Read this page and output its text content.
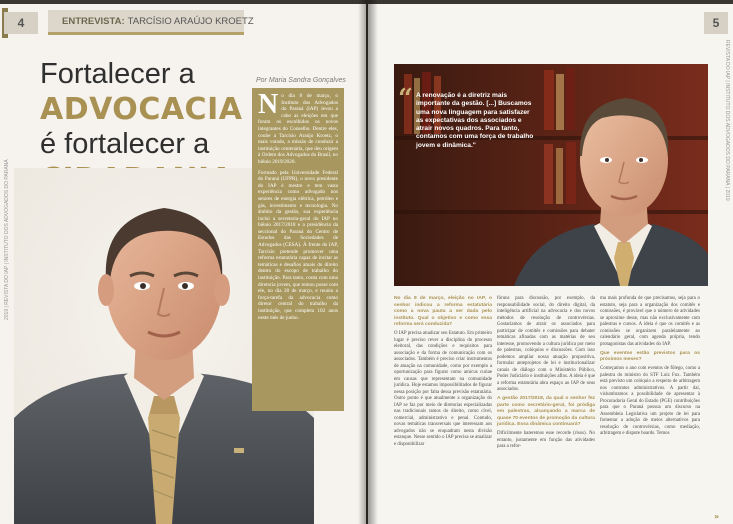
4	ENTREVISTA: TARCÍSIO ARAÚJO KROETZ
2019 | REVISTA DO IAP | INSTITUTO DOS ADVOGADOS DO PARANÁ
Fortalecer a
ADVOCACIA
é fortalecer a
Por Maria Sandra Gonçalves

No dia 8 de março, o Instituto dos Advogados do Paraná (IAP) levou a cabo as eleições em que foram os escolhidos os novos integrantes do Conselho. Dentre eles, coube a Tarcísio Araújo Kroetz, o mais votado, a missão de conduzir a instituição centenária, que deu origem à Ordem dos Advogados do Brasil, no biênio 2019/2020.

Formado pela Universidade Federal do Paraná (UFPR), o novo presidente do IAP é mestre e tem vasta experiência como advogado nos setores de energia elétrica, petróleo e gás, investimento e tecnologia. No âmbito da gestão, sua experiência inclui a secretaria-geral do IAP no biênio 2017/2018 e a presidência da seccional do Paraná do Centro de Estudos das Sociedades de Advogados (CESA). À frente do IAP, Tarcísio pretende promover uma reforma estatutária capaz de incitar as temáticas e desafios atuais do direito dentro do escopo de trabalho do instituição. Para tanto, conta com uma diretoria jovem, que tomou posse com ele, no dia 28 de março, e reuniu a força-tarefa da advocacia como diretor central do trabalho da instituição, que completa 102 anos neste mês de junho.

5
REVISTA DO IAP | INSTITUTO DOS ADVOGADOS DO PARANÁ | 2019
“ A renovação é a diretriz mais importante da gestão. [...] Buscamos uma nova linguagem para satisfazer as expectativas dos associados e atrair novos quadros. Para tanto, contamos com uma força de trabalho jovem e dinâmica."

No dia 8 de março, eleição no IAP, o senhor indicou a reforma estatutária como a nova pauta a ser dada pelo instituto. Qual o objetivo e como essa reforma será conduzida?

O IAP precisa atualizar seu Estatuto. Em primeiro lugar é preciso rever a disciplina do processo eleitoral, das condições e requisitos para associação e da forma de comunicação com os associados. Também é preciso criar instrumentos de atuação na comunidade, como por exemplo a oportunização para figurar como amicus curiae em causas que representam na comunidade jurídica. Hoje estamos impossibilitados de figurar nessa posição por falta dessa previsão estatutária. Outro ponto é que atualmente a organização do IAP se faz por meio de diretorias especializadas nas tradicionais ramos do direito, como cível, comercial, administrativo e penal. Contudo, novas temáticas transversais que interessam aos advogados não se enquadram nesta divisão estanque. Nesse sentido o IAP precisa se atualizar e disponibilizar

fóruns para discussão, por exemplo, da responsabilidade social, do direito digital, da inteligência artificial na advocacia e dos novos métodos de resolução de controvérsias. Gostaríamos de atrair os associados para participar de comitês e comissões para debater temáticas afinadas com as matérias de seu interesse, promovendo a cultura jurídica por meio de palestras, colóquios e discussões. Com isso podemos ampliar nossa atuação propositiva, formular anteprojetos de lei e institucionalizar canais de diálogo com o Ministério Público, Poder Judiciário e instituições afins. A ideia é que a reforma estatutária abra espaço ao IAP de seus associados.

A gestão 2017/2018, da qual o senhor fez parte como secretário-geral, foi pródiga em palestras, alcançando a marca de quase 70 eventos de promoção da cultura jurídica. Essa dinâmica continuará?

Dificilmente bateremos esse recorde (risos). No entanto, justamente em função das atividades para a refor-

ma mais profunda de que precisamos, seja para o estatuto, seja para a organização dos comitês e comissões, é provável que o número de atividades se aproxime desse, mas não exclusivamente com palestras e cursos. A ideia é que os comitês e as comissões se organizem paralelamente ao calendário geral, com agenda própria, tendo protagonistas das atividades do IAP.

Que eventos estão previstos para os próximos meses?

Começamos o ano com eventos de fôlego, como a palestra do ministro do STF Luiz Fux. Também está previsto um colóquio a respeito de arbitragem nos contratos administrativos. A partir daí, vislumbramos a possibilidade de apresentar à Procuradoria Geral do Estado (PGE) contribuições para que o Paraná possua um discurso na Assembleia Legislativa um projeto de lei para fomentar a adoção de meios alternativos para resolução de controvérsias, como mediação, arbitragem e dispute boards. Temos

»
